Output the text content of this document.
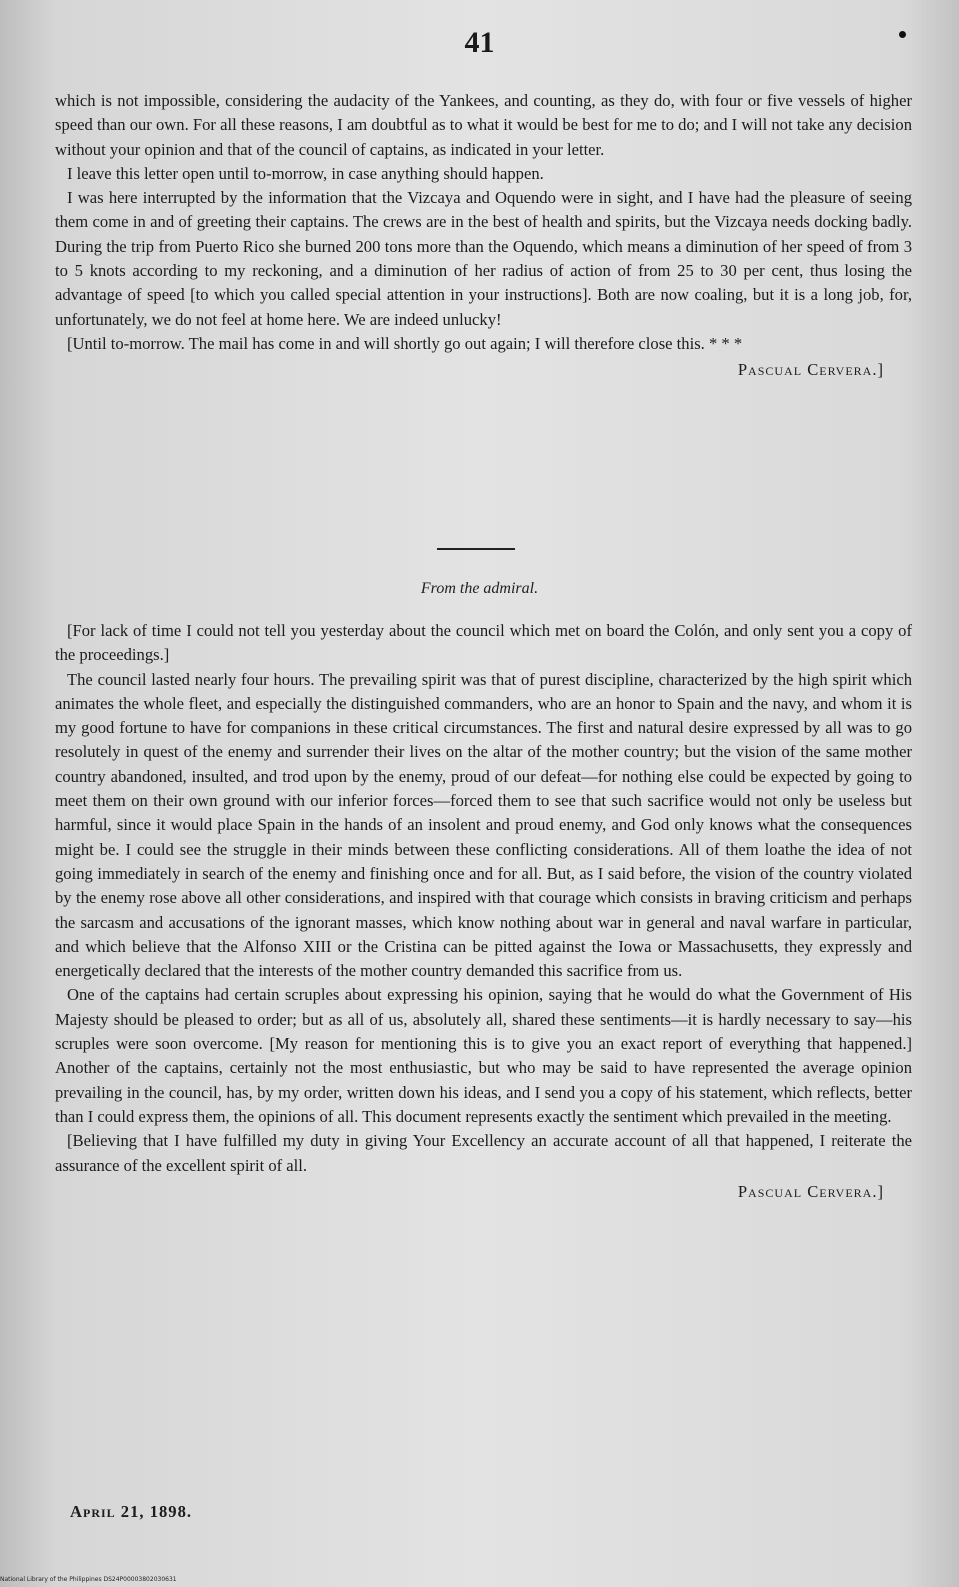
41

which is not impossible, considering the audacity of the Yankees, and counting, as they do, with four or five vessels of higher speed than our own. For all these reasons, I am doubtful as to what it would be best for me to do; and I will not take any decision without your opinion and that of the council of captains, as indicated in your letter.

I leave this letter open until to-morrow, in case anything should happen.

I was here interrupted by the information that the Vizcaya and Oquendo were in sight, and I have had the pleasure of seeing them come in and of greeting their captains. The crews are in the best of health and spirits, but the Vizcaya needs docking badly. During the trip from Puerto Rico she burned 200 tons more than the Oquendo, which means a diminution of her speed of from 3 to 5 knots according to my reckoning, and a diminution of her radius of action of from 25 to 30 per cent, thus losing the advantage of speed [to which you called special attention in your instructions]. Both are now coaling, but it is a long job, for, unfortunately, we do not feel at home here. We are indeed unlucky!

[Until to-morrow. The mail has come in and will shortly go out again; I will therefore close this. * * *

Pascual Cervera.]

From the admiral.

[For lack of time I could not tell you yesterday about the council which met on board the Colón, and only sent you a copy of the proceedings.]

The council lasted nearly four hours. The prevailing spirit was that of purest discipline, characterized by the high spirit which animates the whole fleet, and especially the distinguished commanders, who are an honor to Spain and the navy, and whom it is my good fortune to have for companions in these critical circumstances. The first and natural desire expressed by all was to go resolutely in quest of the enemy and surrender their lives on the altar of the mother country; but the vision of the same mother country abandoned, insulted, and trod upon by the enemy, proud of our defeat—for nothing else could be expected by going to meet them on their own ground with our inferior forces—forced them to see that such sacrifice would not only be useless but harmful, since it would place Spain in the hands of an insolent and proud enemy, and God only knows what the consequences might be. I could see the struggle in their minds between these conflicting considerations. All of them loathe the idea of not going immediately in search of the enemy and finishing once and for all. But, as I said before, the vision of the country violated by the enemy rose above all other considerations, and inspired with that courage which consists in braving criticism and perhaps the sarcasm and accusations of the ignorant masses, which know nothing about war in general and naval warfare in particular, and which believe that the Alfonso XIII or the Cristina can be pitted against the Iowa or Massachusetts, they expressly and energetically declared that the interests of the mother country demanded this sacrifice from us.

One of the captains had certain scruples about expressing his opinion, saying that he would do what the Government of His Majesty should be pleased to order; but as all of us, absolutely all, shared these sentiments—it is hardly necessary to say—his scruples were soon overcome. [My reason for mentioning this is to give you an exact report of everything that happened.] Another of the captains, certainly not the most enthusiastic, but who may be said to have represented the average opinion prevailing in the council, has, by my order, written down his ideas, and I send you a copy of his statement, which reflects, better than I could express them, the opinions of all. This document represents exactly the sentiment which prevailed in the meeting.

[Believing that I have fulfilled my duty in giving Your Excellency an accurate account of all that happened, I reiterate the assurance of the excellent spirit of all.

Pascual Cervera.]

April 21, 1898.

National Library of the Philippines DS24P00003802030631
